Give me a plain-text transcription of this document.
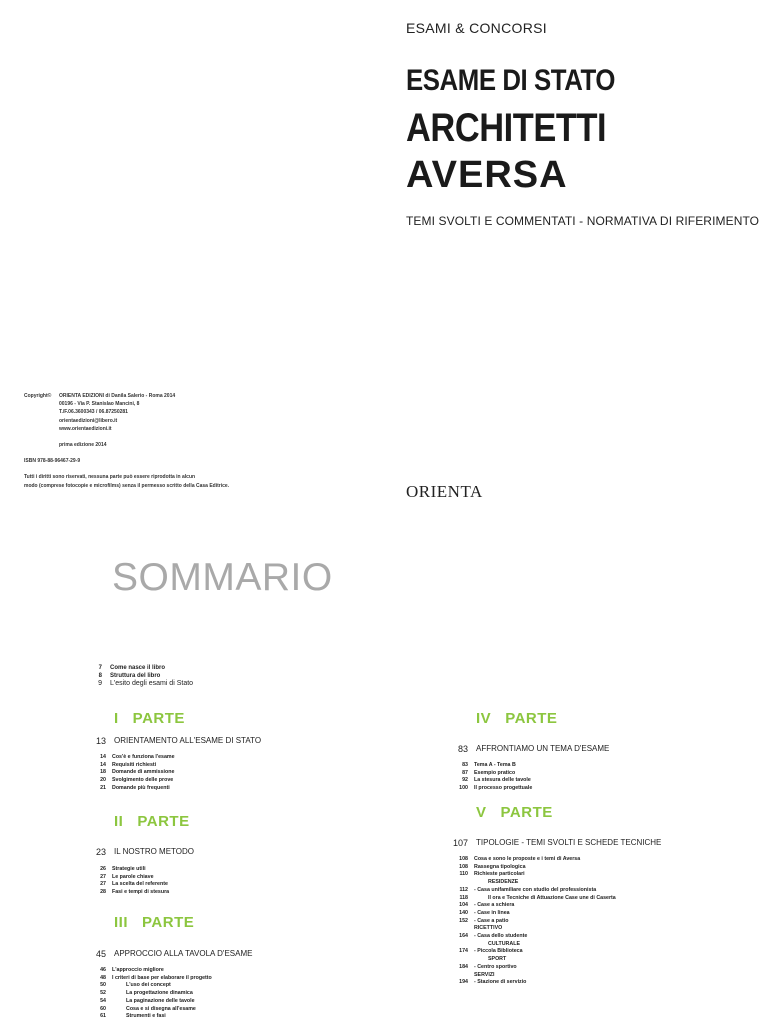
ESAMI & CONCORSI
ESAME DI STATO
ARCHITETTI
AVERSA
TEMI SVOLTI E COMMENTATI - NORMATIVA DI RIFERIMENTO
Copyright©	ORIENTA EDIZIONI di Danila Salerio - Roma 2014
00196 - Via P. Stanislao Mancini, 8
T./F.06.3600343 / 06.87250281
orientaedizioni@libero.it
www.orientaedizioni.it
prima edizione 2014
ISBN 978-88-96467-29-9
Tutti i diritti sono riservati, nessuna parte può essere riprodotta in alcun
modo (comprese fotocopie e microfilms) senza il permesso scritto della Casa Editrice.	ORIENTA
SOMMARIO
7	Come nasce il libro
8	Struttura del libro
9	L'esito degli esami di Stato
I PARTE
13	ORIENTAMENTO ALL'ESAME DI STATO
14	Cos'è e funziona l'esame
14	Requisiti richiesti
18	Domande di ammissione
20	Svolgimento delle prove
21	Domande più frequenti
II PARTE
23	IL NOSTRO METODO
26	Strategie utili
27	Le parole chiave
27	La scelta del referente
28	Fasi e tempi di stesura
III PARTE
45	APPROCCIO ALLA TAVOLA D'ESAME
46	L'approccio migliore
48	I criteri di base per elaborare il progetto
50	L'uso dei concept
52	La progettazione dinamica
54	La paginazione delle tavole
60	Cosa e si disegna all'esame
61	Strumenti e fasi
IV PARTE
83	AFFRONTIAMO UN TEMA D'ESAME
83	Tema A - Tema B
87	Esempio pratico
92	La stesura delle tavole
100	Il processo progettuale
V PARTE
107	TIPOLOGIE - TEMI SVOLTI E SCHEDE TECNICHE
108	Cosa e sono le proposte e i temi di Aversa
108	Rassegna tipologica
110	Richieste particolari
RESIDENZE
112	- Casa unifamiliare con studio del professionista
118	Il ora e Tecniche di Attuazione Case une di Caserta
104	- Case a schiera
140	- Case in linea
152	- Case a patio
RICETTIVO
164	- Casa dello studente
CULTURALE
174	- Piccola Biblioteca
SPORT
184	- Centro sportivo
SERVIZI
194	- Stazione di servizio
